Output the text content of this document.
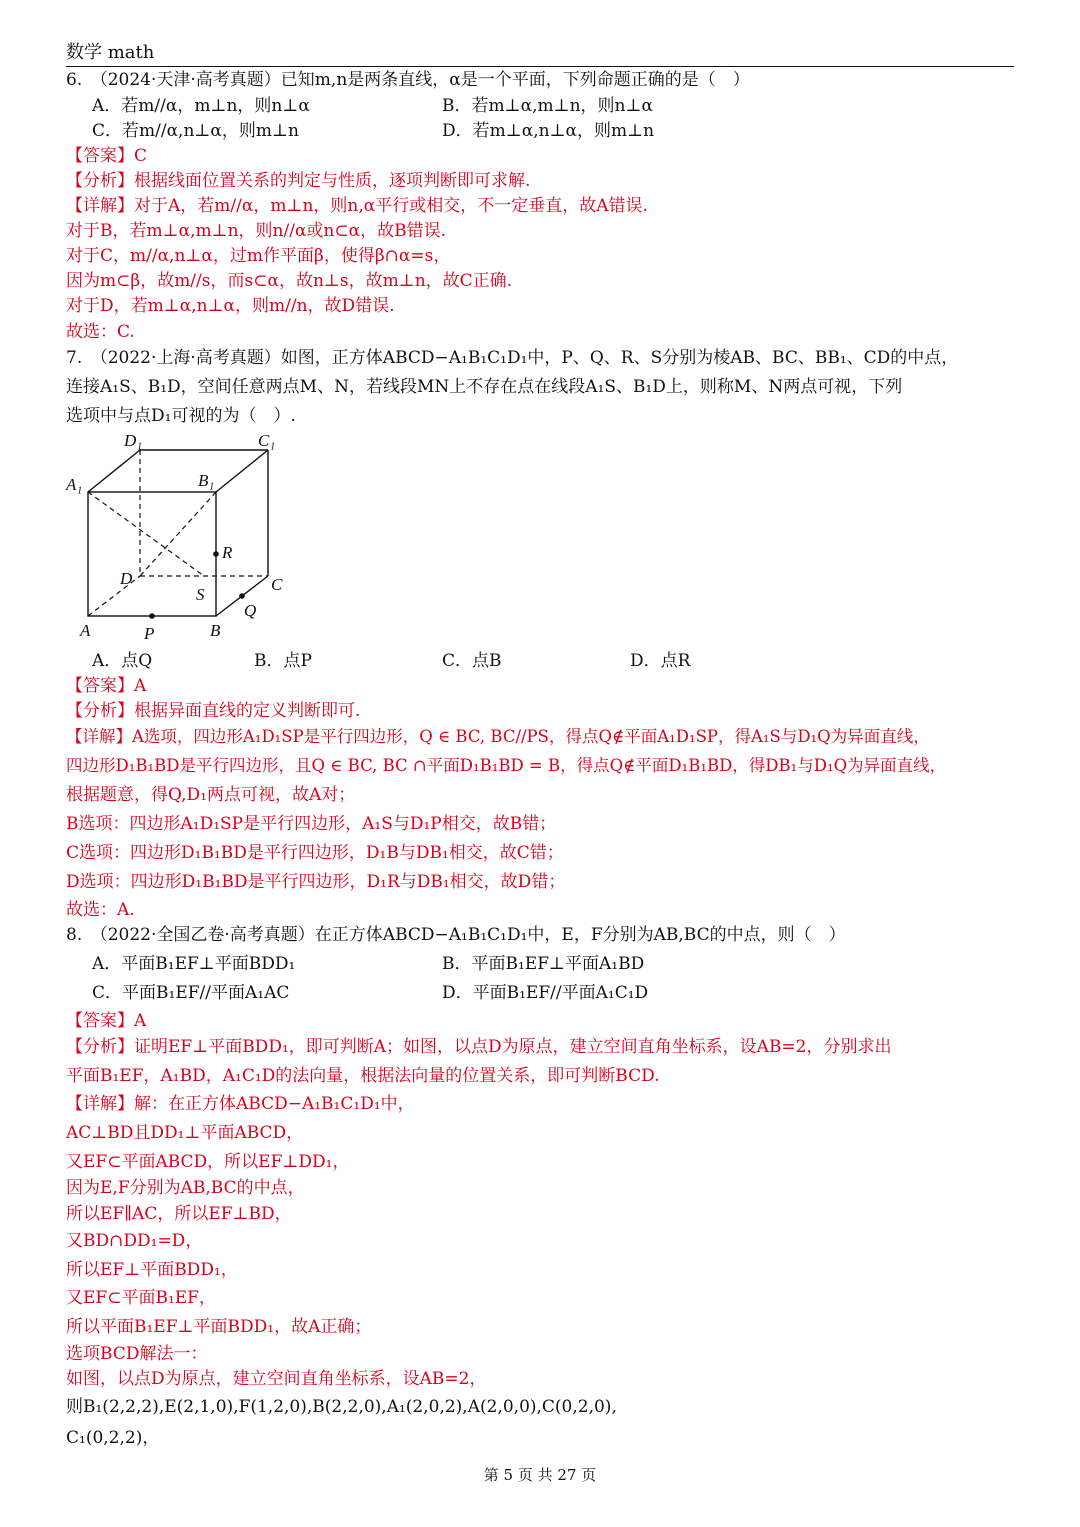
数学 math
6.　（2024·天津·高考真题）已知m,n是两条直线，α是一个平面，下列命题正确的是（　）
A．若m//α，m⊥n，则n⊥α	B．若m⊥α,m⊥n，则n⊥α
C．若m//α,n⊥α，则m⊥n	D．若m⊥α,n⊥α，则m⊥n
【答案】C
【分析】根据线面位置关系的判定与性质，逐项判断即可求解.
【详解】对于A，若m//α，m⊥n，则n,α平行或相交，不一定垂直，故A错误.
对于B，若m⊥α,m⊥n，则n//α或n⊂α，故B错误.
对于C，m//α,n⊥α，过m作平面β，使得β∩α=s，
因为m⊂β，故m//s，而s⊂α，故n⊥s，故m⊥n，故C正确.
对于D，若m⊥α,n⊥α，则m//n，故D错误.
故选：C.
7.　（2022·上海·高考真题）如图，正方体ABCD−A₁B₁C₁D₁中，P、Q、R、S分别为棱AB、BC、BB₁、CD的中点，
连接A₁S、B₁D，空间任意两点M、N，若线段MN上不存在点在线段A₁S、B₁D上，则称M、N两点可视，下列
选项中与点D₁可视的为（　）.
D₁	C₁
A₁	B₁
R
D	C
S
Q
A	P	B
A．点Q	B．点P	C．点B	D．点R
【答案】A
【分析】根据异面直线的定义判断即可.
【详解】A选项，四边形A₁D₁SP是平行四边形，Q ∈ BC, BC//PS，得点Q∉平面A₁D₁SP，得A₁S与D₁Q为异面直线，
四边形D₁B₁BD是平行四边形，且Q ∈ BC, BC ∩平面D₁B₁BD = B，得点Q∉平面D₁B₁BD，得DB₁与D₁Q为异面直线，
根据题意，得Q,D₁两点可视，故A对；
B选项：四边形A₁D₁SP是平行四边形，A₁S与D₁P相交，故B错；
C选项：四边形D₁B₁BD是平行四边形，D₁B与DB₁相交，故C错；
D选项：四边形D₁B₁BD是平行四边形，D₁R与DB₁相交，故D错；
故选：A.
8.　（2022·全国乙卷·高考真题）在正方体ABCD−A₁B₁C₁D₁中，E，F分别为AB,BC的中点，则（　）
A．平面B₁EF⊥平面BDD₁	B．平面B₁EF⊥平面A₁BD
C．平面B₁EF//平面A₁AC	D．平面B₁EF//平面A₁C₁D
【答案】A
【分析】证明EF⊥平面BDD₁，即可判断A；如图，以点D为原点，建立空间直角坐标系，设AB=2，分别求出
平面B₁EF，A₁BD，A₁C₁D的法向量，根据法向量的位置关系，即可判断BCD.
【详解】解：在正方体ABCD−A₁B₁C₁D₁中，
AC⊥BD且DD₁⊥平面ABCD，
又EF⊂平面ABCD，所以EF⊥DD₁，
因为E,F分别为AB,BC的中点，
所以EF∥AC，所以EF⊥BD，
又BD∩DD₁=D，
所以EF⊥平面BDD₁，
又EF⊂平面B₁EF，
所以平面B₁EF⊥平面BDD₁，故A正确；
选项BCD解法一：
如图，以点D为原点，建立空间直角坐标系，设AB=2，
则B₁(2,2,2),E(2,1,0),F(1,2,0),B(2,2,0),A₁(2,0,2),A(2,0,0),C(0,2,0),
C₁(0,2,2)，
第 5 页 共 27 页
